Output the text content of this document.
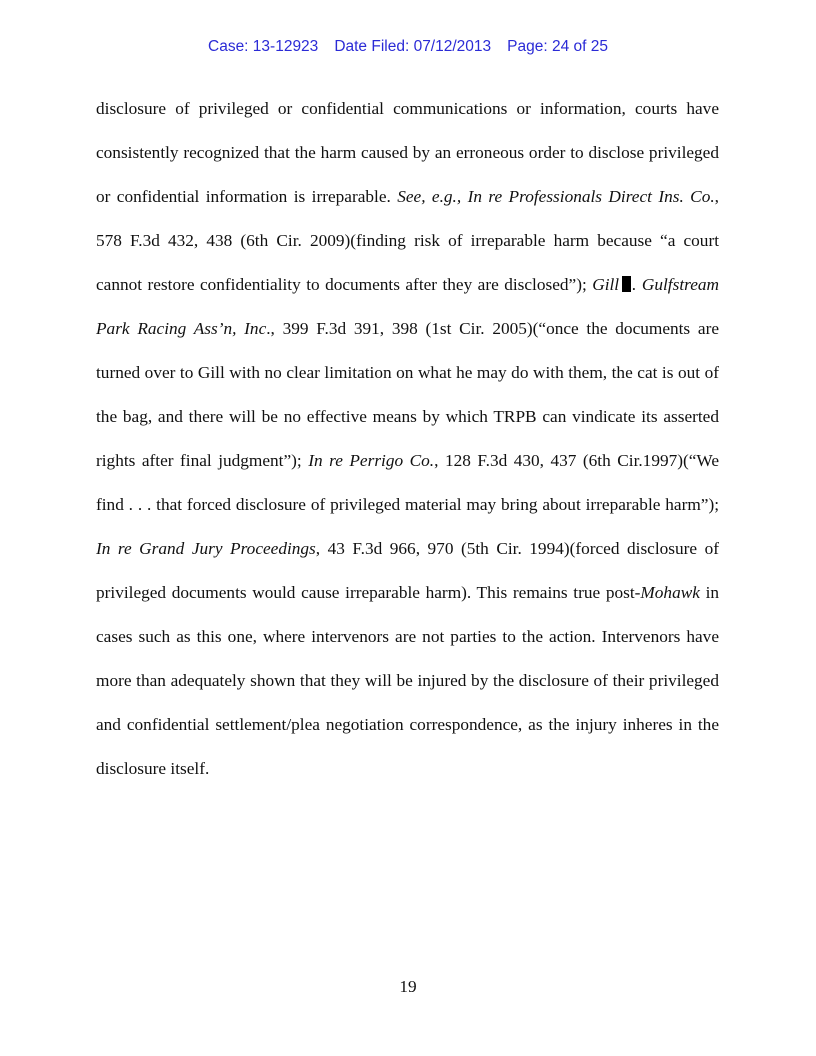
Case: 13-12923 Date Filed: 07/12/2013 Page: 24 of 25

disclosure of privileged or confidential communications or information, courts have consistently recognized that the harm caused by an erroneous order to disclose privileged or confidential information is irreparable. See, e.g., In re Professionals Direct Ins. Co., 578 F.3d 432, 438 (6th Cir. 2009)(finding risk of irreparable harm because “a court cannot restore confidentiality to documents after they are disclosed”); Gill . Gulfstream Park Racing Ass’n, Inc., 399 F.3d 391, 398 (1st Cir. 2005)(“once the documents are turned over to Gill with no clear limitation on what he may do with them, the cat is out of the bag, and there will be no effective means by which TRPB can vindicate its asserted rights after final judgment”); In re Perrigo Co., 128 F.3d 430, 437 (6th Cir.1997)(“We find . . . that forced disclosure of privileged material may bring about irreparable harm”); In re Grand Jury Proceedings, 43 F.3d 966, 970 (5th Cir. 1994)(forced disclosure of privileged documents would cause irreparable harm). This remains true post-Mohawk in cases such as this one, where intervenors are not parties to the action. Intervenors have more than adequately shown that they will be injured by the disclosure of their privileged and confidential settlement/plea negotiation correspondence, as the injury inheres in the disclosure itself.

19
